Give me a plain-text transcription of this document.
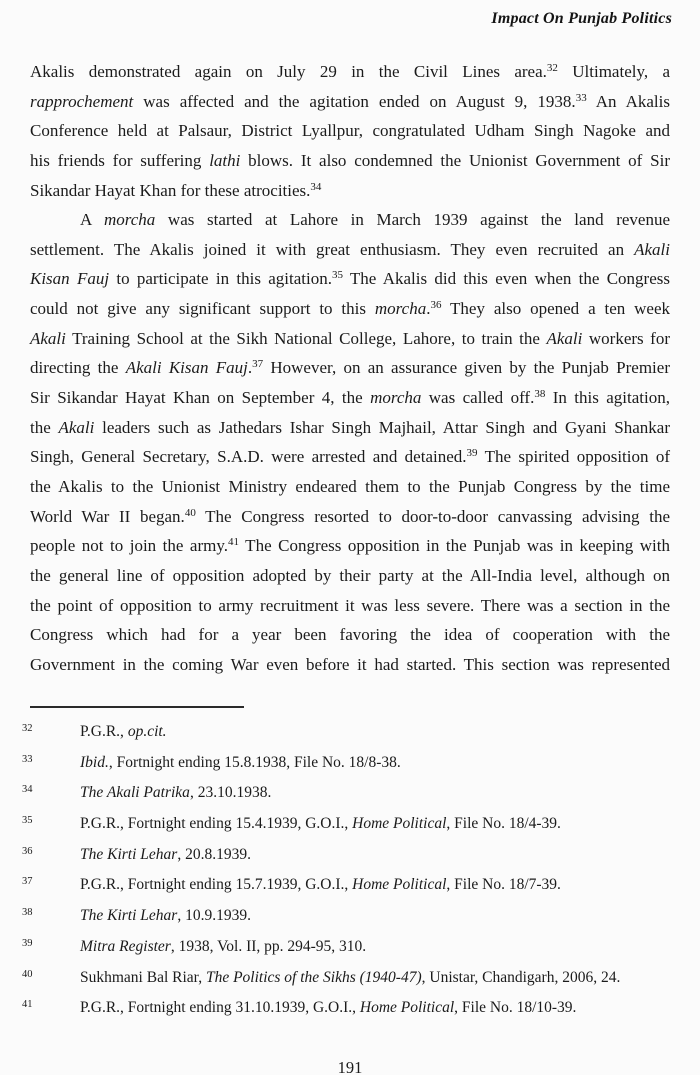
Impact On Punjab Politics
Akalis demonstrated again on July 29 in the Civil Lines area.$^{32}$ Ultimately, a
rapprochement was affected and the agitation ended on August 9, 1938.33 An Akalis
Conference held at Palsaur, District Lyallpur, congratulated Udham Singh Nagoke and
his friends for suffering lathi blows. It also condemned the Unionist Government of Sir
Sikandar Hayat Khan for these atrocities.$^{34}$
A morcha was started at Lahore in March 1939 against the land revenue
settlement. The Akalis joined it with great enthusiasm. They even recruited an Akali
Kisan Fauj to participate in this agitation.$^{35}$ The Akalis did this even when the Congress
could not give any significant support to this morcha.$^{36}$ They also opened a ten week
Akali Training School at the Sikh National College, Lahore, to train the Akali workers for
directing the Akali Kisan Fauj.$^{37}$ However, on an assurance given by the Punjab Premier
Sir Sikandar Hayat Khan on September 4, the morcha was called off.$^{38}$ In this agitation,
the Akali leaders such as Jathedars Ishar Singh Majhail, Attar Singh and Gyani Shankar
Singh, General Secretary, S.A.D. were arrested and detained.$^{39}$ The spirited opposition of
the Akalis to the Unionist Ministry endeared them to the Punjab Congress by the time
World War II began.$^{40}$ The Congress resorted to door-to-door canvassing advising the
people not to join the army.$^{41}$ The Congress opposition in the Punjab was in keeping with
the general line of opposition adopted by their party at the All-India level, although on
the point of opposition to army recruitment it was less severe. There was a section in the
Congress which had for a year been favoring the idea of cooperation with the
Government in the coming War even before it had started. This section was represented
32	P.G.R., op.cit.
33	Ibid., Fortnight ending 15.8.1938, File No. 18/8-38.
34	The Akali Patrika, 23.10.1938.
35	P.G.R., Fortnight ending 15.4.1939, G.O.I., Home Political, File No. 18/4-39.
36	The Kirti Lehar, 20.8.1939.
37	P.G.R., Fortnight ending 15.7.1939, G.O.I., Home Political, File No. 18/7-39.
38	The Kirti Lehar, 10.9.1939.
39	Mitra Register, 1938, Vol. II, pp. 294-95, 310.
40	Sukhmani Bal Riar, The Politics of the Sikhs (1940-47), Unistar, Chandigarh, 2006, 24.
41	P.G.R., Fortnight ending 31.10.1939, G.O.I., Home Political, File No. 18/10-39.
191
